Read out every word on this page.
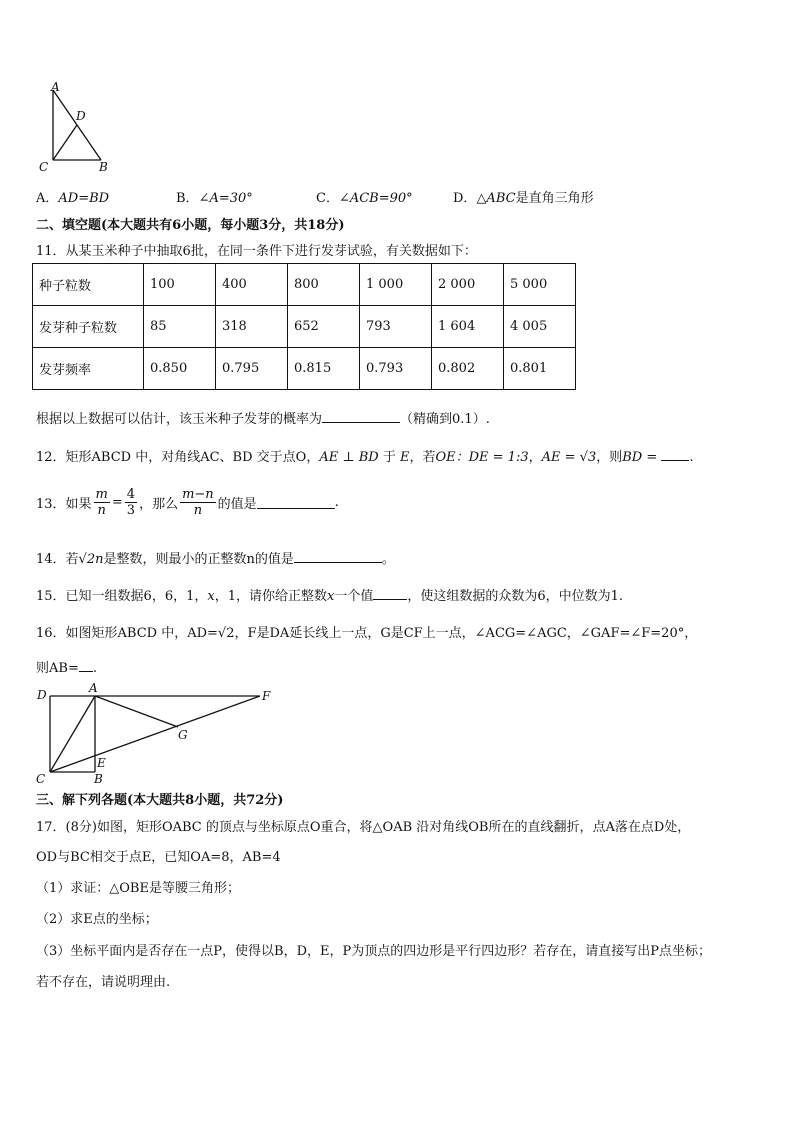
A
D
C	B
A．AD=BD	B．∠A=30°	C．∠ACB=90°	D．△ABC是直角三角形
二、填空题(本大题共有6小题，每小题3分，共18分)
11．从某玉米种子中抽取6批，在同一条件下进行发芽试验，有关数据如下：
种子粒数	100	400	800	1 000	2 000	5 000
发芽种子粒数	85	318	652	793	1 604	4 005
发芽频率	0.850	0.795	0.815	0.793	0.802	0.801
根据以上数据可以估计，该玉米种子发芽的概率为	（精确到0.1）.
12．矩形ABCD 中，对角线AC、BD 交于点O，AE ⊥ BD 于 E，若OE：DE = 1:3，AE = √3，则BD = .
13．如果 $\frac{m}{n} = \frac{4}{3}$ ，那么 $\frac{m-n}{n}$ 的值是	.
14．若√2n是整数，则最小的正整数n的值是	。
15．已知一组数据6，6，1，x，1，请你给正整数x一个值	，使这组数据的众数为6，中位数为1.
16．如图矩形ABCD 中，AD=√2，F是DA延长线上一点，G是CF上一点，∠ACG=∠AGC，∠GAF=∠F=20°，
则AB= .
D	A
F
G
E
C	B
三、解下列各题(本大题共8小题，共72分)
17．(8分)如图，矩形OABC 的顶点与坐标原点O重合，将△OAB 沿对角线OB所在的直线翻折，点A落在点D处，
OD与BC相交于点E，已知OA=8，AB=4
（1）求证：△OBE是等腰三角形；
（2）求E点的坐标；
（3）坐标平面内是否存在一点P，使得以B，D，E，P为顶点的四边形是平行四边形？若存在，请直接写出P点坐标；
若不存在，请说明理由.
